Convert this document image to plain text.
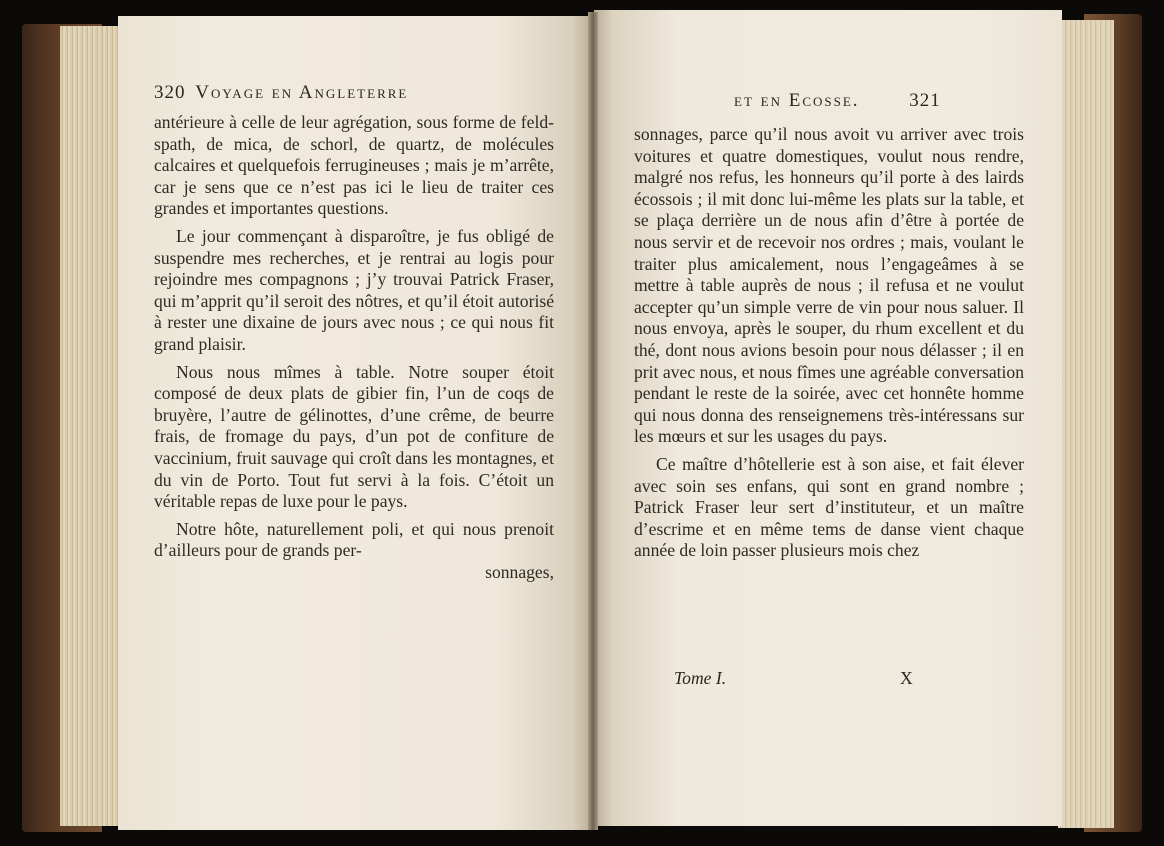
320 Voyage en Angleterre

antérieure à celle de leur agrégation, sous forme de feld-spath, de mica, de schorl, de quartz, de molécules calcaires et quelquefois ferrugineuses ; mais je m’arrête, car je sens que ce n’est pas ici le lieu de traiter ces grandes et importantes questions.

Le jour commençant à disparoître, je fus obligé de suspendre mes recherches, et je rentrai au logis pour rejoindre mes compagnons ; j’y trouvai Patrick Fraser, qui m’apprit qu’il seroit des nôtres, et qu’il étoit autorisé à rester une dixaine de jours avec nous ; ce qui nous fit grand plaisir.

Nous nous mîmes à table. Notre souper étoit composé de deux plats de gibier fin, l’un de coqs de bruyère, l’autre de gélinottes, d’une crême, de beurre frais, de fromage du pays, d’un pot de confiture de vaccinium, fruit sauvage qui croît dans les montagnes, et du vin de Porto. Tout fut servi à la fois. C’étoit un véritable repas de luxe pour le pays.

Notre hôte, naturellement poli, et qui nous prenoit d’ailleurs pour de grands per-

sonnages,
et en Ecosse.	321

sonnages, parce qu’il nous avoit vu arriver avec trois voitures et quatre domestiques, voulut nous rendre, malgré nos refus, les honneurs qu’il porte à des lairds écossois ; il mit donc lui-même les plats sur la table, et se plaça derrière un de nous afin d’être à portée de nous servir et de recevoir nos ordres ; mais, voulant le traiter plus amicalement, nous l’engageâmes à se mettre à table auprès de nous ; il refusa et ne voulut accepter qu’un simple verre de vin pour nous saluer. Il nous envoya, après le souper, du rhum excellent et du thé, dont nous avions besoin pour nous délasser ; il en prit avec nous, et nous fîmes une agréable conversation pendant le reste de la soirée, avec cet honnête homme qui nous donna des renseignemens très-intéressans sur les mœurs et sur les usages du pays.

Ce maître d’hôtellerie est à son aise, et fait élever avec soin ses enfans, qui sont en grand nombre ; Patrick Fraser leur sert d’instituteur, et un maître d’escrime et en même tems de danse vient chaque année de loin passer plusieurs mois chez

Tome I.	X
